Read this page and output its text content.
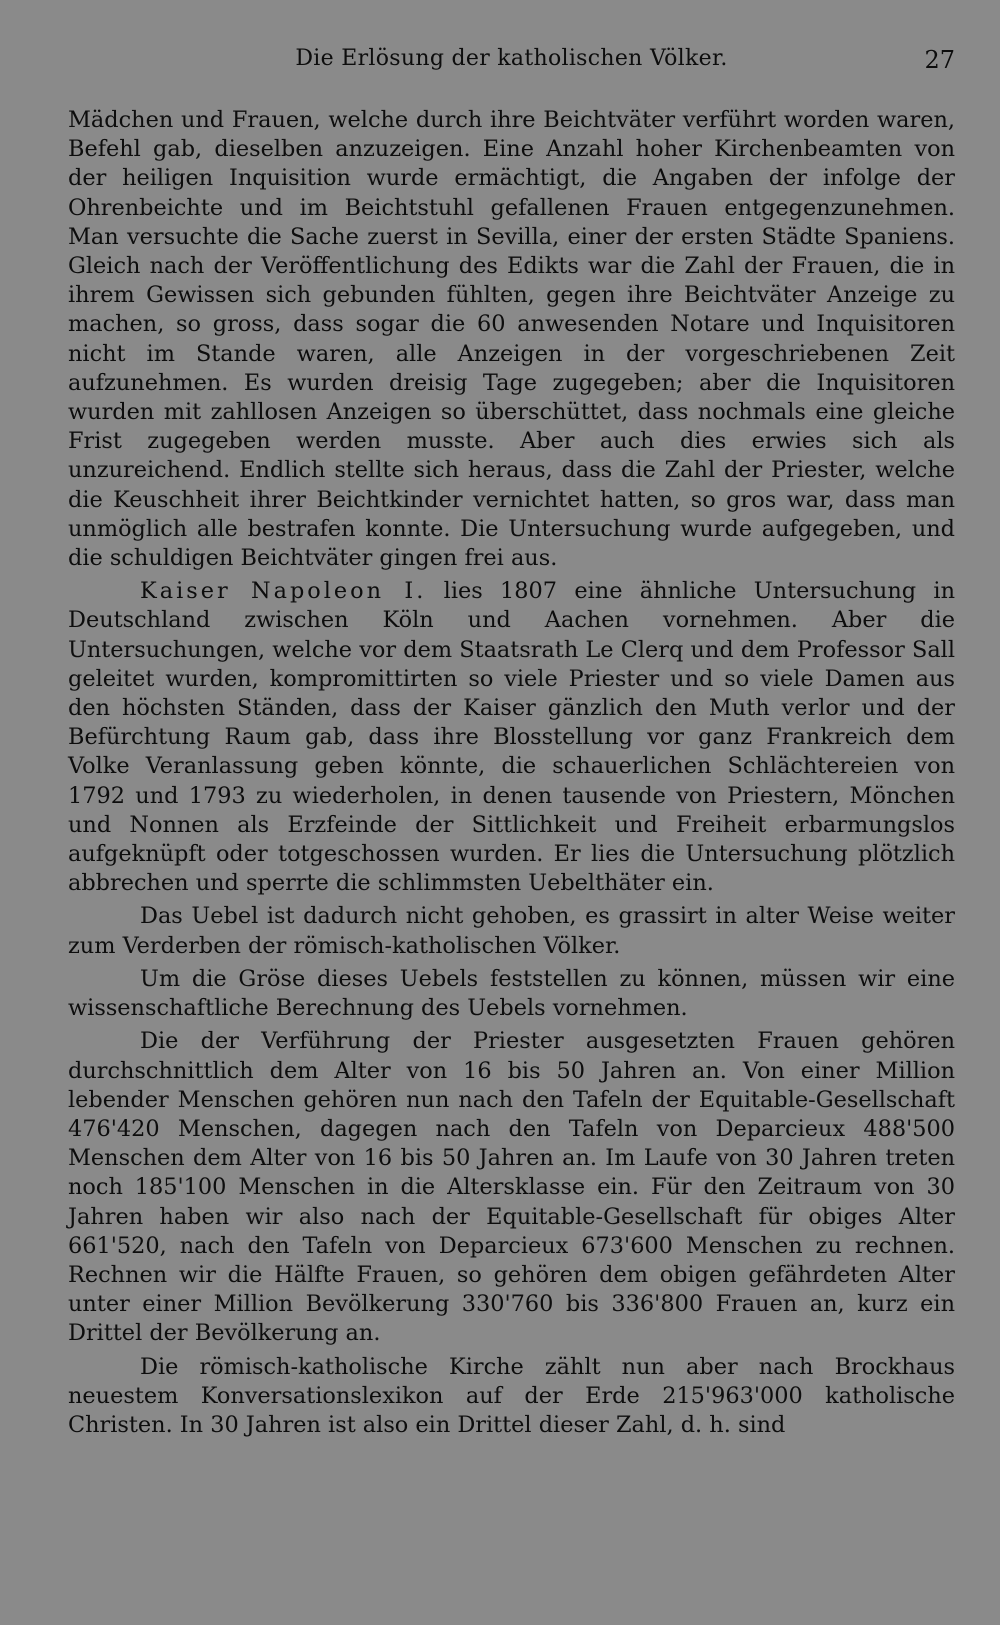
Die Erlösung der katholischen Völker.	27

Mädchen und Frauen, welche durch ihre Beichtväter verführt worden waren, Befehl gab, dieselben anzuzeigen. Eine Anzahl hoher Kirchenbeamten von der heiligen Inquisition wurde ermächtigt, die Angaben der infolge der Ohrenbeichte und im Beichtstuhl gefallenen Frauen entgegenzunehmen. Man versuchte die Sache zuerst in Sevilla, einer der ersten Städte Spaniens. Gleich nach der Veröffentlichung des Edikts war die Zahl der Frauen, die in ihrem Gewissen sich gebunden fühlten, gegen ihre Beichtväter Anzeige zu machen, so gross, dass sogar die 60 anwesenden Notare und Inquisitoren nicht im Stande waren, alle Anzeigen in der vorgeschriebenen Zeit aufzunehmen. Es wurden dreisig Tage zugegeben; aber die Inquisitoren wurden mit zahllosen Anzeigen so überschüttet, dass nochmals eine gleiche Frist zugegeben werden musste. Aber auch dies erwies sich als unzureichend. Endlich stellte sich heraus, dass die Zahl der Priester, welche die Keuschheit ihrer Beichtkinder vernichtet hatten, so gros war, dass man unmöglich alle bestrafen konnte. Die Untersuchung wurde aufgegeben, und die schuldigen Beichtväter gingen frei aus.

Kaiser Napoleon I. lies 1807 eine ähnliche Untersuchung in Deutschland zwischen Köln und Aachen vornehmen. Aber die Untersuchungen, welche vor dem Staatsrath Le Clerq und dem Professor Sall geleitet wurden, kompromittirten so viele Priester und so viele Damen aus den höchsten Ständen, dass der Kaiser gänzlich den Muth verlor und der Befürchtung Raum gab, dass ihre Blosstellung vor ganz Frankreich dem Volke Veranlassung geben könnte, die schauerlichen Schlächtereien von 1792 und 1793 zu wiederholen, in denen tausende von Priestern, Mönchen und Nonnen als Erzfeinde der Sittlichkeit und Freiheit erbarmungslos aufgeknüpft oder totgeschossen wurden. Er lies die Untersuchung plötzlich abbrechen und sperrte die schlimmsten Uebelthäter ein.

Das Uebel ist dadurch nicht gehoben, es grassirt in alter Weise weiter zum Verderben der römisch-katholischen Völker.

Um die Gröse dieses Uebels feststellen zu können, müssen wir eine wissenschaftliche Berechnung des Uebels vornehmen.

Die der Verführung der Priester ausgesetzten Frauen gehören durchschnittlich dem Alter von 16 bis 50 Jahren an. Von einer Million lebender Menschen gehören nun nach den Tafeln der Equitable-Gesellschaft 476'420 Menschen, dagegen nach den Tafeln von Deparcieux 488'500 Menschen dem Alter von 16 bis 50 Jahren an. Im Laufe von 30 Jahren treten noch 185'100 Menschen in die Altersklasse ein. Für den Zeitraum von 30 Jahren haben wir also nach der Equitable-Gesellschaft für obiges Alter 661'520, nach den Tafeln von Deparcieux 673'600 Menschen zu rechnen. Rechnen wir die Hälfte Frauen, so gehören dem obigen gefährdeten Alter unter einer Million Bevölkerung 330'760 bis 336'800 Frauen an, kurz ein Drittel der Bevölkerung an.

Die römisch-katholische Kirche zählt nun aber nach Brockhaus neuestem Konversationslexikon auf der Erde 215'963'000 katholische Christen. In 30 Jahren ist also ein Drittel dieser Zahl, d. h. sind
